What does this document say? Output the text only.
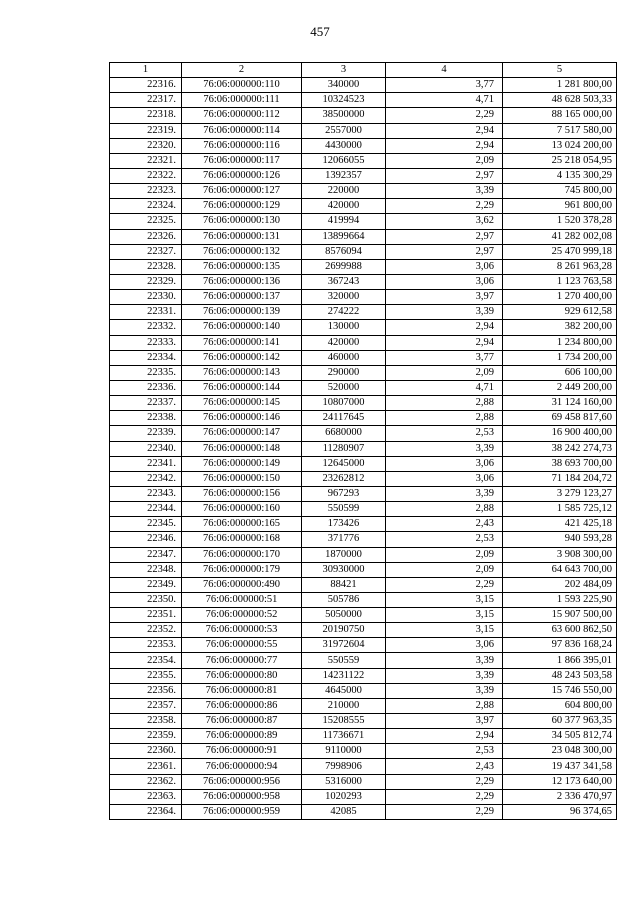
457
1	2	3	4	5
22316.	76:06:000000:110	340000	3,77	1 281 800,00
22317.	76:06:000000:111	10324523	4,71	48 628 503,33
22318.	76:06:000000:112	38500000	2,29	88 165 000,00
22319.	76:06:000000:114	2557000	2,94	7 517 580,00
22320.	76:06:000000:116	4430000	2,94	13 024 200,00
22321.	76:06:000000:117	12066055	2,09	25 218 054,95
22322.	76:06:000000:126	1392357	2,97	4 135 300,29
22323.	76:06:000000:127	220000	3,39	745 800,00
22324.	76:06:000000:129	420000	2,29	961 800,00
22325.	76:06:000000:130	419994	3,62	1 520 378,28
22326.	76:06:000000:131	13899664	2,97	41 282 002,08
22327.	76:06:000000:132	8576094	2,97	25 470 999,18
22328.	76:06:000000:135	2699988	3,06	8 261 963,28
22329.	76:06:000000:136	367243	3,06	1 123 763,58
22330.	76:06:000000:137	320000	3,97	1 270 400,00
22331.	76:06:000000:139	274222	3,39	929 612,58
22332.	76:06:000000:140	130000	2,94	382 200,00
22333.	76:06:000000:141	420000	2,94	1 234 800,00
22334.	76:06:000000:142	460000	3,77	1 734 200,00
22335.	76:06:000000:143	290000	2,09	606 100,00
22336.	76:06:000000:144	520000	4,71	2 449 200,00
22337.	76:06:000000:145	10807000	2,88	31 124 160,00
22338.	76:06:000000:146	24117645	2,88	69 458 817,60
22339.	76:06:000000:147	6680000	2,53	16 900 400,00
22340.	76:06:000000:148	11280907	3,39	38 242 274,73
22341.	76:06:000000:149	12645000	3,06	38 693 700,00
22342.	76:06:000000:150	23262812	3,06	71 184 204,72
22343.	76:06:000000:156	967293	3,39	3 279 123,27
22344.	76:06:000000:160	550599	2,88	1 585 725,12
22345.	76:06:000000:165	173426	2,43	421 425,18
22346.	76:06:000000:168	371776	2,53	940 593,28
22347.	76:06:000000:170	1870000	2,09	3 908 300,00
22348.	76:06:000000:179	30930000	2,09	64 643 700,00
22349.	76:06:000000:490	88421	2,29	202 484,09
22350.	76:06:000000:51	505786	3,15	1 593 225,90
22351.	76:06:000000:52	5050000	3,15	15 907 500,00
22352.	76:06:000000:53	20190750	3,15	63 600 862,50
22353.	76:06:000000:55	31972604	3,06	97 836 168,24
22354.	76:06:000000:77	550559	3,39	1 866 395,01
22355.	76:06:000000:80	14231122	3,39	48 243 503,58
22356.	76:06:000000:81	4645000	3,39	15 746 550,00
22357.	76:06:000000:86	210000	2,88	604 800,00
22358.	76:06:000000:87	15208555	3,97	60 377 963,35
22359.	76:06:000000:89	11736671	2,94	34 505 812,74
22360.	76:06:000000:91	9110000	2,53	23 048 300,00
22361.	76:06:000000:94	7998906	2,43	19 437 341,58
22362.	76:06:000000:956	5316000	2,29	12 173 640,00
22363.	76:06:000000:958	1020293	2,29	2 336 470,97
22364.	76:06:000000:959	42085	2,29	96 374,65
